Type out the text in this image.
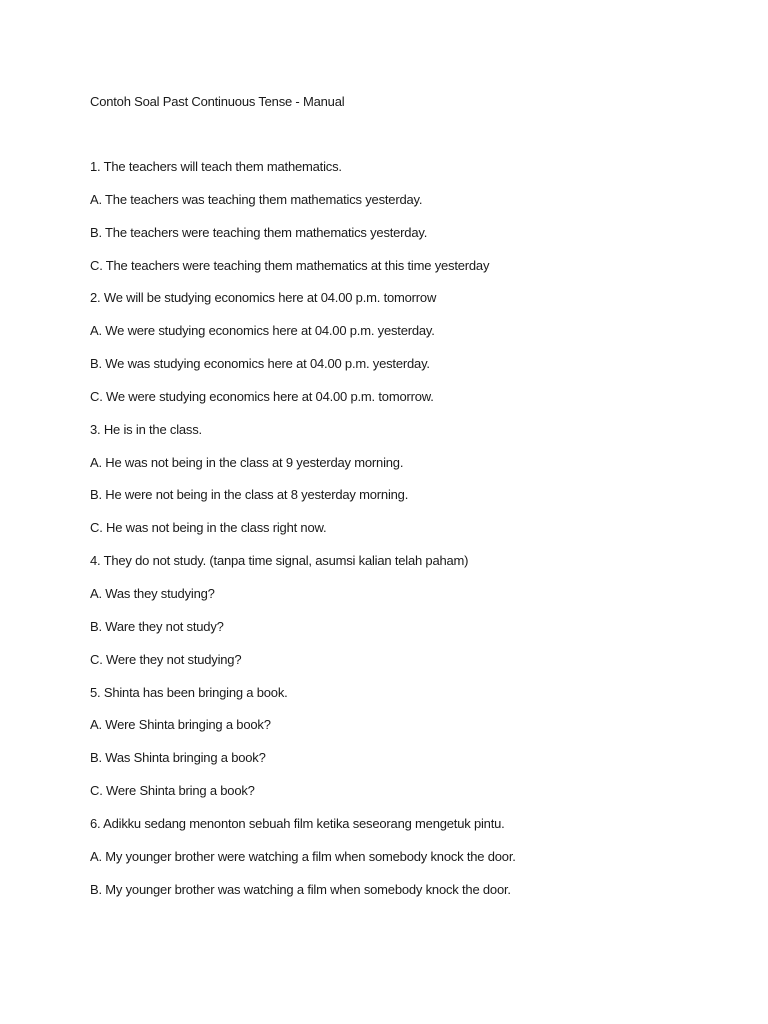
Contoh Soal Past Continuous Tense - Manual
1. The teachers will teach them mathematics.
A. The teachers was teaching them mathematics yesterday.
B. The teachers were teaching them mathematics yesterday.
C. The teachers were teaching them mathematics at this time yesterday
2. We will be studying economics here at 04.00 p.m. tomorrow
A. We were studying economics here at 04.00 p.m. yesterday.
B. We was studying economics here at 04.00 p.m. yesterday.
C. We were studying economics here at 04.00 p.m. tomorrow.
3. He is in the class.
A. He was not being in the class at 9 yesterday morning.
B. He were not being in the class at 8 yesterday morning.
C. He was not being in the class right now.
4. They do not study. (tanpa time signal, asumsi kalian telah paham)
A. Was they studying?
B. Ware they not study?
C. Were they not studying?
5. Shinta has been bringing a book.
A. Were Shinta bringing a book?
B. Was Shinta bringing a book?
C. Were Shinta bring a book?
6. Adikku sedang menonton sebuah film ketika seseorang mengetuk pintu.
A. My younger brother were watching a film when somebody knock the door.
B. My younger brother was watching a film when somebody knock the door.
